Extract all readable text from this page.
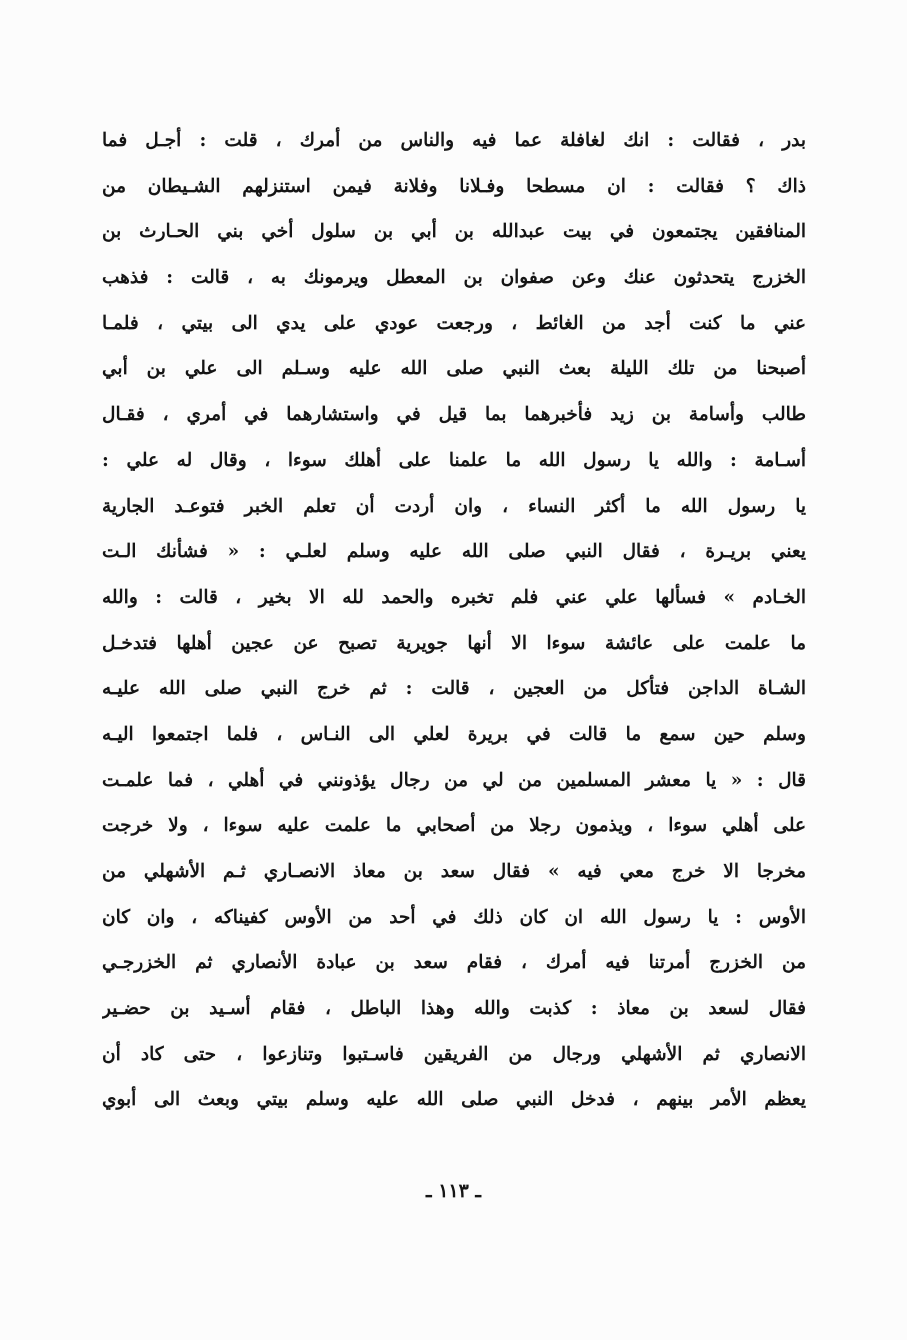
بدر ، فقالت : انك لغافلة عما فيه والناس من أمرك ، قلت : أجـل فما
ذاك ؟ فقالت : ان مسطحا وفـلانا وفلانة فيمن استنزلهم الشـيطان من
المنافقين يجتمعون في بيت عبدالله بن أبي بن سلول أخي بني الحـارث بن
الخزرج يتحدثون عنك وعن صفوان بن المعطل ويرمونك به ، قالت : فذهب
عني ما كنت أجد من الغائط ، ورجعت عودي على يدي الى بيتي ، فلمـا
أصبحنا من تلك الليلة بعث النبي صلى الله عليه وسـلم الى علي بن أبي
طالب وأسامة بن زيد فأخبرهما بما قيل في واستشارهما في أمري ، فقـال
أسـامة : والله يا رسول الله ما علمنا على أهلك سوءا ، وقال له علي :
يا رسول الله ما أكثر النساء ، وان أردت أن تعلم الخبر فتوعـد الجارية
يعني بريـرة ، فقال النبي صلى الله عليه وسلم لعلـي : « فشأنك الـت
الخـادم » فسألها علي عني فلم تخبره والحمد لله الا بخير ، قالت : والله
ما علمت على عائشة سوءا الا أنها جويرية تصبح عن عجين أهلها فتدخـل
الشـاة الداجن فتأكل من العجين ، قالت : ثم خرج النبي صلى الله عليـه
وسلم حين سمع ما قالت في بريرة لعلي الى النـاس ، فلما اجتمعوا اليـه
قال : « يا معشر المسلمين من لي من رجال يؤذونني في أهلي ، فما علمـت
على أهلي سوءا ، ويذمون رجلا من أصحابي ما علمت عليه سوءا ، ولا خرجت
مخرجا الا خرج معي فيه » فقال سعد بن معاذ الانصـاري ثـم الأشهلي من
الأوس : يا رسول الله ان كان ذلك في أحد من الأوس كفيناكه ، وان كان
من الخزرج أمرتنا فيه أمرك ، فقام سعد بن عبادة الأنصاري ثم الخزرجـي
فقال لسعد بن معاذ : كذبت والله وهذا الباطل ، فقام أسـيد بن حضـير
الانصاري ثم الأشهلي ورجال من الفريقين فاسـتبوا وتنازعوا ، حتى كاد أن
يعظم الأمر بينهم ، فدخل النبي صلى الله عليه وسلم بيتي وبعث الى أبوي
ـ ١١٣ ـ
